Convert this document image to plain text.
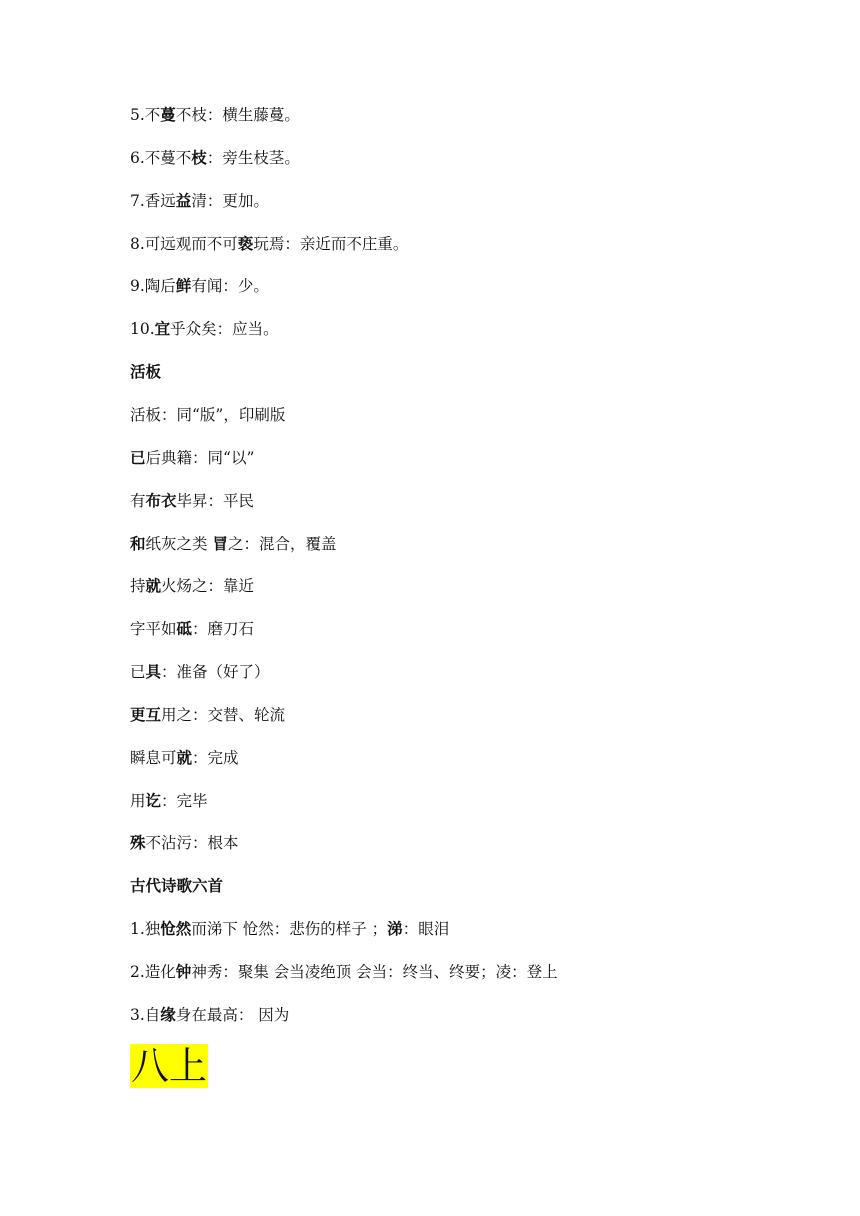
5.不蔓不枝：横生藤蔓。
6.不蔓不枝：旁生枝茎。
7.香远益清：更加。
8.可远观而不可亵玩焉：亲近而不庄重。
9.陶后鲜有闻：少。
10.宜乎众矣：应当。
活板
活板：同“版”，印刷版
已后典籍：同“以”
有布衣毕昇：平民
和纸灰之类 冒之：混合，覆盖
持就火炀之：靠近
字平如砥：磨刀石
已具：准备（好了）
更互用之：交替、轮流
瞬息可就：完成
用讫：完毕
殊不沾污：根本
古代诗歌六首
1.独怆然而涕下 怆然：悲伤的样子 ；涕：眼泪
2.造化钟神秀：聚集 会当凌绝顶 会当：终当、终要；凌：登上
3.自缘身在最高： 因为
八上
